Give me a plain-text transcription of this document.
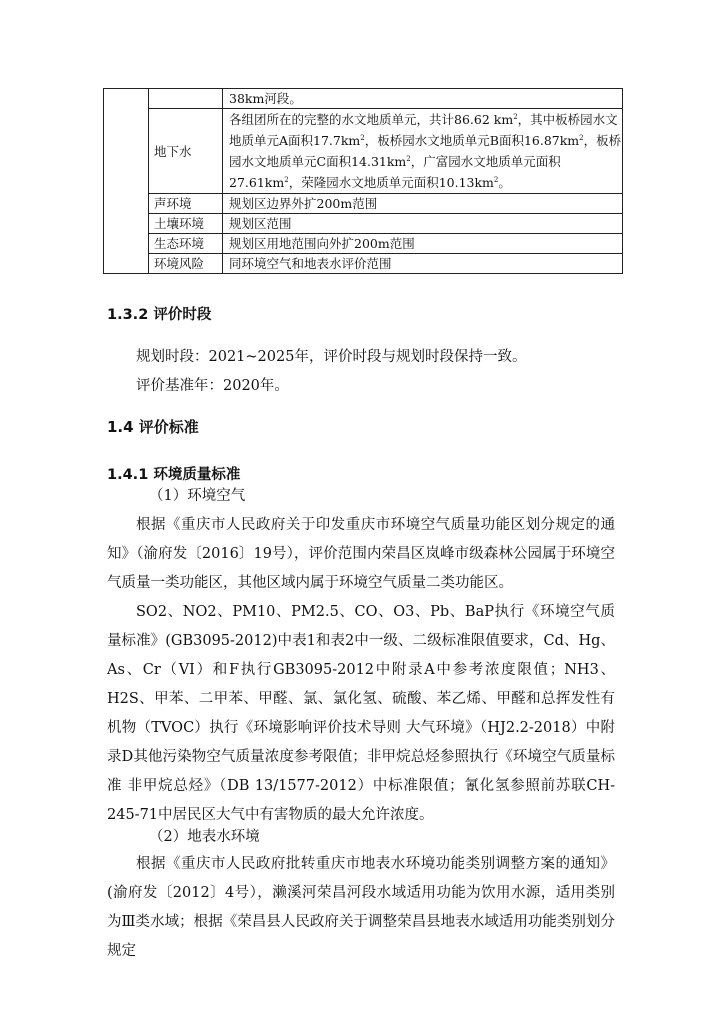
		38km河段。
	地下水	各组团所在的完整的水文地质单元，共计86.62 $km^2$，其中板桥园水文地质单元A面积$17.7km^2$，板桥园水文地质单元B面积$16.87km^2$，板桥园水文地质单元C面积$14.31km^2$，广富园水文地质单元面积$27.61km^2$，荣隆园水文地质单元面积$10.13km^2$。
	声环境	规划区边界外扩200m范围
	土壤环境	规划区范围
	生态环境	规划区用地范围向外扩200m范围
	环境风险	同环境空气和地表水评价范围
1.3.2 评价时段

规划时段：2021~2025年，评价时段与规划时段保持一致。

评价基准年：2020年。

1.4 评价标准
1.4.1 环境质量标准

（1）环境空气

根据《重庆市人民政府关于印发重庆市环境空气质量功能区划分规定的通知》（渝府发〔2016〕19号），评价范围内荣昌区岚峰市级森林公园属于环境空气质量一类功能区，其他区域内属于环境空气质量二类功能区。

SO2、NO2、PM10、PM2.5、CO、O3、Pb、BaP执行《环境空气质量标准》(GB3095-2012)中表1和表2中一级、二级标准限值要求，Cd、Hg、As、Cr（VI）和F执行GB3095-2012中附录A中参考浓度限值；NH3、H2S、甲苯、二甲苯、甲醛、氯、氯化氢、硫酸、苯乙烯、甲醛和总挥发性有机物（TVOC）执行《环境影响评价技术导则 大气环境》（HJ2.2-2018）中附录D其他污染物空气质量浓度参考限值；非甲烷总烃参照执行《环境空气质量标准 非甲烷总烃》（DB 13/1577-2012）中标准限值；氰化氢参照前苏联CH-245-71中居民区大气中有害物质的最大允许浓度。

（2）地表水环境

根据《重庆市人民政府批转重庆市地表水环境功能类别调整方案的通知》(渝府发〔2012〕4号），濑溪河荣昌河段水域适用功能为饮用水源，适用类别为Ⅲ类水域；根据《荣昌县人民政府关于调整荣昌县地表水域适用功能类别划分规定
